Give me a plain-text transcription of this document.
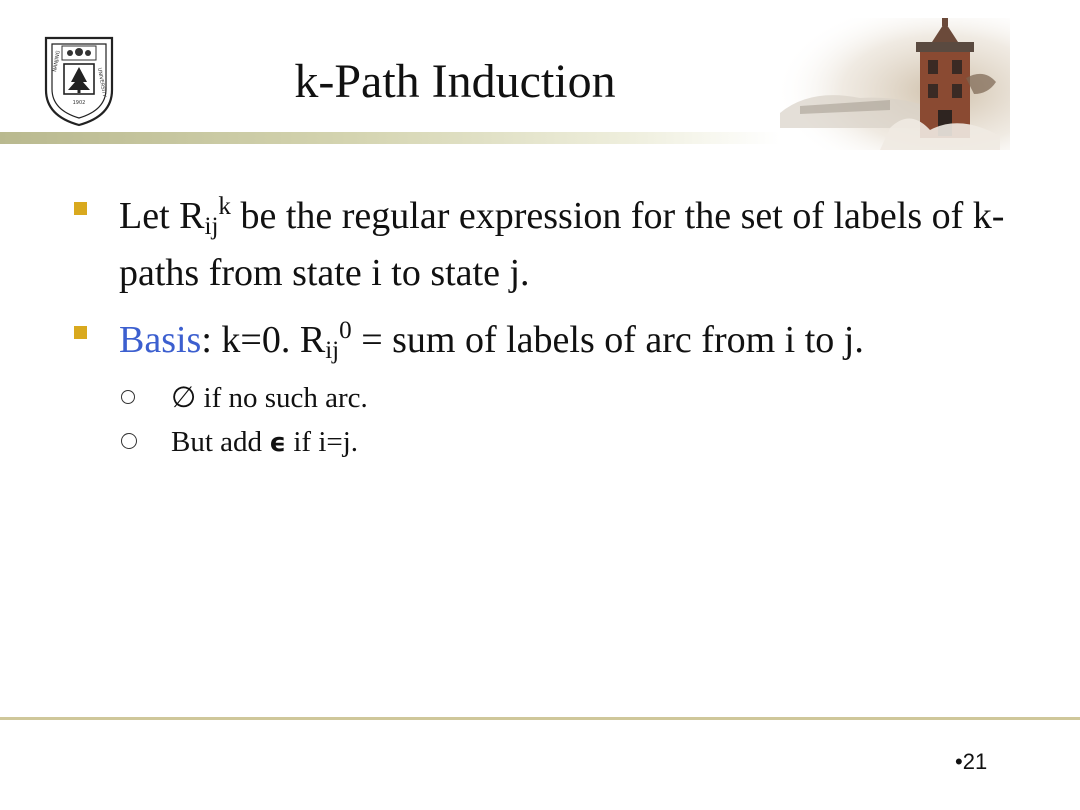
1902
NANJING
UNIVERSITY	k-Path Induction
Let $R_{ij}^k$ be the regular expression for the set of labels of k-paths from state i to state j.
Basis: k=0. $R_{ij}^0$ = sum of labels of arc from i to j.
∅ if no such arc.
But add ϵ if i=j.
•21
